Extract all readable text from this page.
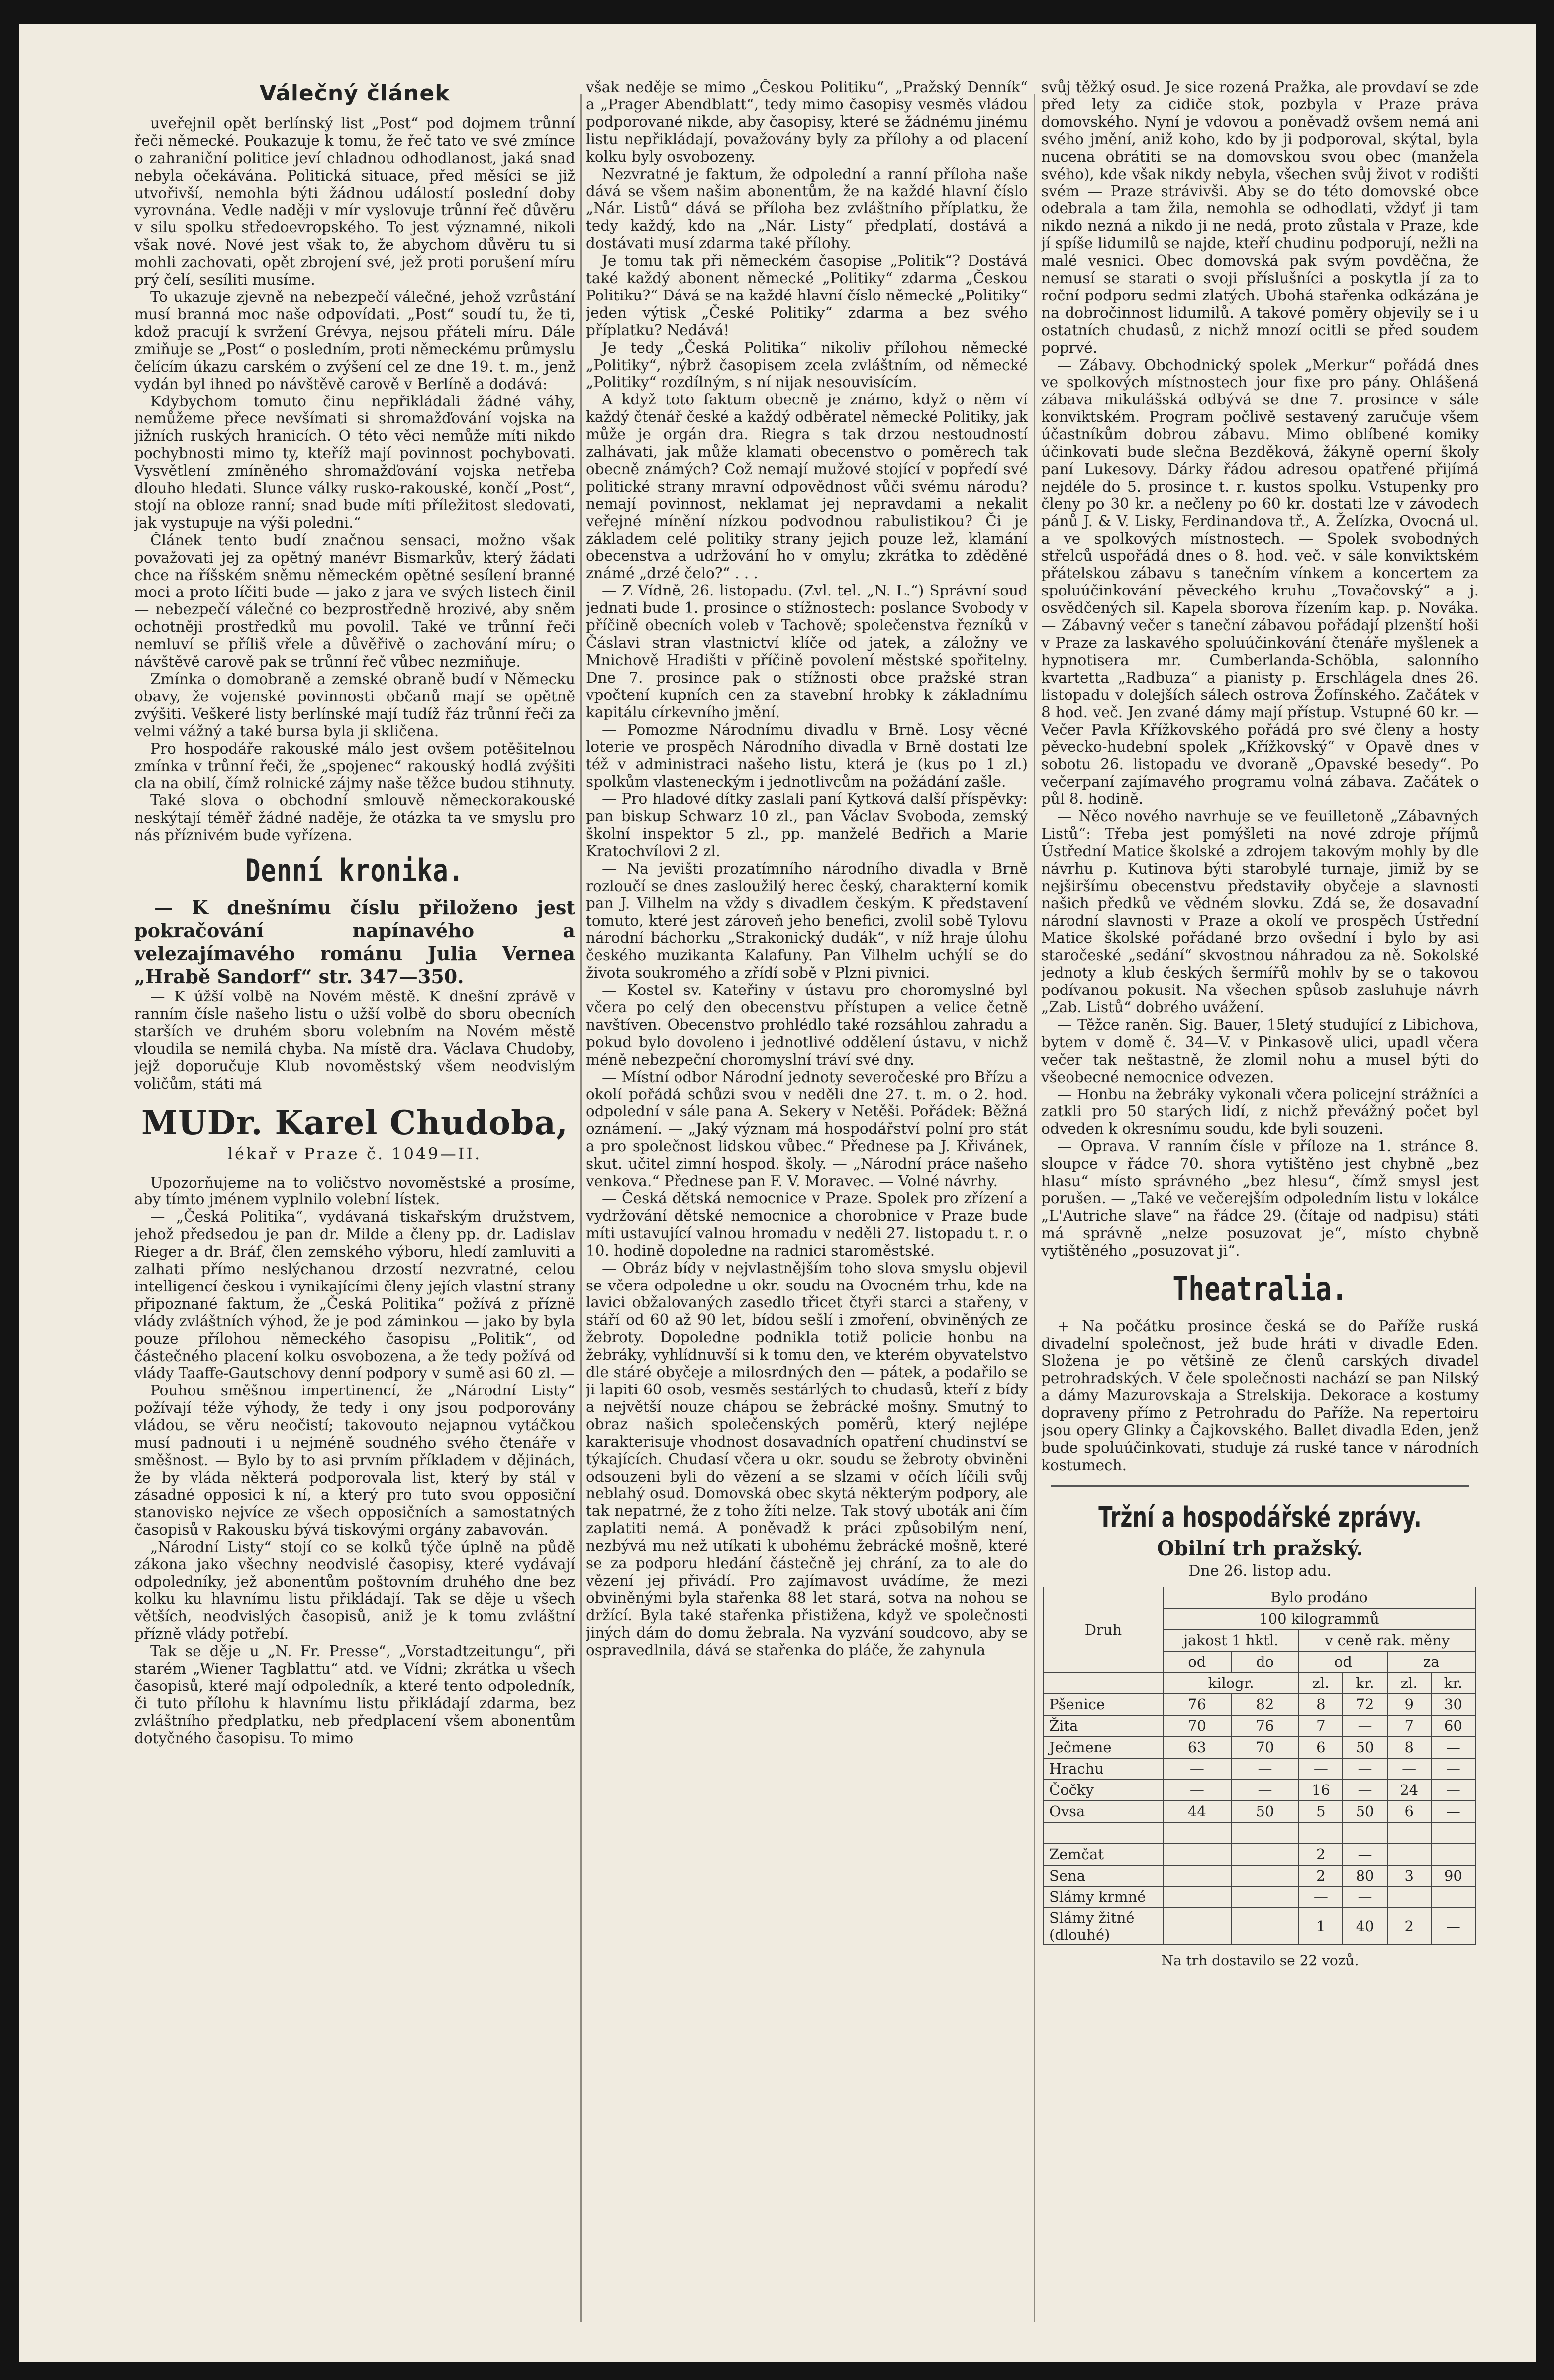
Válečný článek
uveřejnil opět berlínský list „Post“ pod dojmem trůnní řeči německé. Poukazuje k tomu, že řeč tato ve své zmínce o zahraniční politice jeví chladnou odhodlanost, jaká snad nebyla očekávána. Politická situace, před měsíci se již utvořivší, nemohla býti žádnou událostí poslední doby vyrovnána. Vedle naději v mír vyslovuje trůnní řeč důvěru v silu spolku středoevropského. To jest významné, nikoli však nové. Nové jest však to, že abychom důvěru tu si mohli zachovati, opět zbrojení své, jež proti porušení míru prý čelí, sesíliti musíme.
To ukazuje zjevně na nebezpečí válečné, jehož vzrůstání musí branná moc naše odpovídati. „Post“ soudí tu, že ti, kdož pracují k svržení Grévya, nejsou přáteli míru. Dále zmiňuje se „Post“ o posledním, proti německému průmyslu čelícím úkazu carském o zvýšení cel ze dne 19. t. m., jenž vydán byl ihned po návštěvě carově v Berlíně a dodává:
Kdybychom tomuto činu nepřikládali žádné váhy, nemůžeme přece nevšímati si shromažďování vojska na jižních ruských hranicích. O této věci nemůže míti nikdo pochybnosti mimo ty, kteříž mají povinnost pochybovati. Vysvětlení zmíněného shromažďování vojska netřeba dlouho hledati. Slunce války rusko-rakouské, končí „Post“, stojí na obloze ranní; snad bude míti příležitost sledovati, jak vystupuje na výši poledni.“
Článek tento budí značnou sensaci, možno však považovati jej za opětný manévr Bismarkův, který žádati chce na říšském sněmu německém opětné sesílení branné moci a proto líčiti bude — jako z jara ve svých listech činil — nebezpečí válečné co bezprostředně hrozivé, aby sněm ochotněji prostředků mu povolil. Také ve trůnní řeči nemluví se příliš vřele a důvěřivě o zachování míru; o návštěvě carově pak se trůnní řeč vůbec nezmiňuje.
Zmínka o domobraně a zemské obraně budí v Německu obavy, že vojenské povinnosti občanů mají se opětně zvýšiti. Veškeré listy berlínské mají tudíž řáz trůnní řeči za velmi vážný a také bursa byla ji skličena.
Pro hospodáře rakouské málo jest ovšem potěšitelnou zmínka v trůnní řeči, že „spojenec“ rakouský hodlá zvýšiti cla na obilí, čímž rolnické zájmy naše těžce budou stihnuty.
Také slova o obchodní smlouvě německorakouské neskýtají téměř žádné naděje, že otázka ta ve smyslu pro nás příznivém bude vyřízena.
Denní kronika.
— K dnešnímu číslu přiloženo jest pokračování napínavého a velezajímavého románu Julia Vernea „Hrabě Sandorf“ str. 347—350.
— K úžší volbě na Novém městě. K dnešní zprávě v ranním čísle našeho listu o užší volbě do sboru obecních starších ve druhém sboru volebním na Novém městě vloudila se nemilá chyba. Na místě dra. Václava Chudoby, jejž doporučuje Klub novoměstský všem neodvislým voličům, státi má
MUDr. Karel Chudoba,
lékař v Praze č. 1049—II.
Upozorňujeme na to voličstvo novoměstské a prosíme, aby tímto jménem vyplnilo volební lístek.
— „Česká Politika“, vydávaná tiskařským družstvem, jehož předsedou je pan dr. Milde a členy pp. dr. Ladislav Rieger a dr. Bráf, člen zemského výboru, hledí zamluviti a zalhati přímo neslýchanou drzostí nezvratné, celou intelligencí českou i vynikajícími členy jejích vlastní strany připoznané faktum, že „Česká Politika“ požívá z příznë vlády zvláštních výhod, že je pod záminkou — jako by byla pouze přílohou německého časopisu „Politik“, od částečného placení kolku osvobozena, a že tedy požívá od vlády Taaffe-Gautschovy denní podpory v sumě asi 60 zl. —
Pouhou směšnou impertinencí, že „Národní Listy“ požívají téže výhody, že tedy i ony jsou podporovány vládou, se věru neočistí; takovouto nejapnou vytáčkou musí padnouti i u nejméně soudného svého čtenáře v směšnost. — Bylo by to asi prvním příkladem v dějinách, že by vláda některá podporovala list, který by stál v zásadné opposici k ní, a který pro tuto svou opposiční stanovisko nejvíce ze všech opposičních a samostatných časopisů v Rakousku bývá tiskovými orgány zabavován.
„Národní Listy“ stojí co se kolků týče úplně na půdě zákona jako všechny neodvislé časopisy, které vydávají odpoledníky, jež abonentům poštovním druhého dne bez kolku ku hlavnímu listu přikládají. Tak se děje u všech větších, neodvislých časopisů, aniž je k tomu zvláštní přízně vlády potřebí.
Tak se děje u „N. Fr. Presse“, „Vorstadtzeitungu“, při starém „Wiener Tagblattu“ atd. ve Vídni; zkrátka u všech časopisů, které mají odpoledník, a které tento odpoledník, či tuto přílohu k hlavnímu listu přikládají zdarma, bez zvláštního předplatku, neb předplacení všem abonentům dotyčného časopisu. To mimo
však neděje se mimo „Českou Politiku“, „Pražský Denník“ a „Prager Abendblatt“, tedy mimo časopisy vesměs vládou podporované nikde, aby časopisy, které se žádnému jinému listu nepřikládají, považovány byly za přílohy a od placení kolku byly osvobozeny.
Nezvratné je faktum, že odpolední a ranní příloha naše dává se všem našim abonentům, že na každé hlavní číslo „Nár. Listů“ dává se příloha bez zvláštního příplatku, že tedy každý, kdo na „Nár. Listy“ předplatí, dostává a dostávati musí zdarma také přílohy.
Je tomu tak při německém časopise „Politik“? Dostává také každý abonent německé „Politiky“ zdarma „Českou Politiku?“ Dává se na každé hlavní číslo německé „Politiky“ jeden výtisk „České Politiky“ zdarma a bez svého příplatku? Nedává!
Je tedy „Česká Politika“ nikoliv přílohou německé „Politiky“, nýbrž časopisem zcela zvláštním, od německé „Politiky“ rozdílným, s ní nijak nesouvisícím.
A když toto faktum obecně je známo, když o něm ví každý čtenář české a každý odběratel německé Politiky, jak může je orgán dra. Riegra s tak drzou nestoudností zalhávati, jak může klamati obecenstvo o poměrech tak obecně známých? Což nemají mužové stojící v popředí své politické strany mravní odpovědnost vůči svému národu? nemají povinnost, neklamat jej nepravdami a nekalit veřejné mínění nízkou podvodnou rabulistikou? Či je základem celé politiky strany jejich pouze lež, klamání obecenstva a udržování ho v omylu; zkrátka to zděděné známé „drzé čelo?“ . . .
— Z Vídně, 26. listopadu. (Zvl. tel. „N. L.“) Správní soud jednati bude 1. prosince o stížnostech: poslance Svobody v příčině obecních voleb v Tachově; společenstva řezníků v Čáslavi stran vlastnictví klíče od jatek, a záložny ve Mnichově Hradišti v příčině povolení městské spořitelny. Dne 7. prosince pak o stížnosti obce pražské stran vpočtení kupních cen za stavební hrobky k základnímu kapitálu církevního jmění.
— Pomozme Národnímu divadlu v Brně. Losy věcné loterie ve prospěch Národního divadla v Brně dostati lze též v administraci našeho listu, která je (kus po 1 zl.) spolkům vlasteneckým i jednotlivcům na požádání zašle.
— Pro hladové dítky zaslali paní Kytková další příspěvky: pan biskup Schwarz 10 zl., pan Václav Svoboda, zemský školní inspektor 5 zl., pp. manželé Bedřich a Marie Kratochvílovi 2 zl.
— Na jevišti prozatímního národního divadla v Brně rozloučí se dnes zasloužilý herec český, charakterní komik pan J. Vilhelm na vždy s divadlem českým. K představení tomuto, které jest zároveň jeho benefici, zvolil sobě Tylovu národní báchorku „Strakonický dudák“, v níž hraje úlohu českého muzikanta Kalafuny. Pan Vilhelm uchýlí se do života soukromého a zřídí sobě v Plzni pivnici.
— Kostel sv. Kateřiny v ústavu pro choromyslné byl včera po celý den obecenstvu přístupen a velice četně navštíven. Obecenstvo prohlédlo také rozsáhlou zahradu a pokud bylo dovoleno i jednotlivé oddělení ústavu, v nichž méně nebezpeční choromyslní tráví své dny.
— Místní odbor Národní jednoty severočeské pro Břízu a okolí pořádá schůzi svou v neděli dne 27. t. m. o 2. hod. odpolední v sále pana A. Sekery v Netěši. Pořádek: Běžná oznámení. — „Jaký význam má hospodářství polní pro stát a pro společnost lidskou vůbec.“ Přednese pa J. Křivánek, skut. učitel zimní hospod. školy. — „Národní práce našeho venkova.“ Přednese pan F. V. Moravec. — Volné návrhy.
— Česká dětská nemocnice v Praze. Spolek pro zřízení a vydržování dětské nemocnice a chorobnice v Praze bude míti ustavující valnou hromadu v neděli 27. listopadu t. r. o 10. hodině dopoledne na radnici staroměstské.
— Obráz bídy v nejvlastnějším toho slova smyslu objevil se včera odpoledne u okr. soudu na Ovocném trhu, kde na lavici obžalovaných zasedlo třicet čtyři starci a stařeny, v stáří od 60 až 90 let, bídou sešlí i zmoření, obviněných ze žebroty. Dopoledne podnikla totiž policie honbu na žebráky, vyhlídnuvší si k tomu den, ve kterém obyvatelstvo dle stáré obyčeje a milosrdných den — pátek, a podařilo se ji lapiti 60 osob, vesměs sestárlých to chudasů, kteří z bídy a největší nouze chápou se žebrácké mošny. Smutný to obraz našich společenských poměrů, který nejlépe karakterisuje vhodnost dosavadních opatření chudinství se týkajících. Chudasí včera u okr. soudu se žebroty obviněni odsouzeni byli do vězení a se slzami v očích líčili svůj neblahý osud. Domovská obec skytá některým podpory, ale tak nepatrné, že z toho žíti nelze. Tak stový uboták ani čím zaplatiti nemá. A poněvadž k práci způsobilým není, nezbývá mu než utíkati k ubohému žebrácké mošně, které se za podporu hledání částečně jej chrání, za to ale do vězení jej přivádí. Pro zajímavost uvádíme, že mezi obviněnými byla stařenka 88 let stará, sotva na nohou se držící. Byla také stařenka přistižena, když ve společnosti jiných dám do domu žebrala. Na vyzvání soudcovo, aby se ospravedlnila, dává se stařenka do pláče, že zahynula
svůj těžký osud. Je sice rozená Pražka, ale provdaví se zde před lety za cidiče stok, pozbyla v Praze práva domovského. Nyní je vdovou a poněvadž ovšem nemá ani svého jmění, aniž koho, kdo by ji podporoval, skýtal, byla nucena obrátiti se na domovskou svou obec (manžela svého), kde však nikdy nebyla, všechen svůj život v rodišti svém — Praze strávivši. Aby se do této domovské obce odebrala a tam žila, nemohla se odhodlati, vždyť ji tam nikdo nezná a nikdo ji ne nedá, proto zůstala v Praze, kde jí spíše lidumilů se najde, kteří chudinu podporují, nežli na malé vesnici. Obec domovská pak svým povděčna, že nemusí se starati o svoji příslušníci a poskytla jí za to roční podporu sedmi zlatých. Ubohá stařenka odkázána je na dobročinnost lidumilů. A takové poměry objevily se i u ostatních chudasů, z nichž mnozí ocitli se před soudem poprvé.
— Zábavy. Obchodnický spolek „Merkur“ pořádá dnes ve spolkových místnostech jour fixe pro pány. Ohlášená zábava mikulášská odbývá se dne 7. prosince v sále konviktském. Program počlivě sestavený zaručuje všem účastníkům dobrou zábavu. Mimo oblíbené komiky účinkovati bude slečna Bezděková, žákyně operní školy paní Lukesovy. Dárky řádou adresou opatřené přijímá nejdéle do 5. prosince t. r. kustos spolku. Vstupenky pro členy po 30 kr. a nečleny po 60 kr. dostati lze v závodech pánů J. & V. Lisky, Ferdinandova tř., A. Želízka, Ovocná ul. a ve spolkových místnostech. — Spolek svobodných střelců uspořádá dnes o 8. hod. več. v sále konviktském přátelskou zábavu s tanečním vínkem a koncertem za spoluúčinkování pěveckého kruhu „Tovačovský“ a j. osvědčených sil. Kapela sborova řízením kap. p. Nováka. — Zábavný večer s taneční zábavou pořádají plzenští hoši v Praze za laskavého spoluúčinkování čtenáře myšlenek a hypnotisera mr. Cumberlanda-Schöbla, salonního kvartetta „Radbuza“ a pianisty p. Erschlágela dnes 26. listopadu v dolejších sálech ostrova Žofínského. Začátek v 8 hod. več. Jen zvané dámy mají přístup. Vstupné 60 kr. — Večer Pavla Křížkovského pořádá pro své členy a hosty pěvecko-hudební spolek „Křížkovský“ v Opavě dnes v sobotu 26. listopadu ve dvoraně „Opavské besedy“. Po večerpaní zajímavého programu volná zábava. Začátek o půl 8. hodině.
— Něco nového navrhuje se ve feuilletoně „Zábavných Listů“: Třeba jest pomýšleti na nové zdroje příjmů Ústřední Matice školské a zdrojem takovým mohly by dle návrhu p. Kutinova býti starobylé turnaje, jimiž by se nejširšímu obecenstvu představiły obyčeje a slavnosti našich předků ve vědném slovku. Zdá se, že dosavadní národní slavnosti v Praze a okolí ve prospěch Ústřední Matice školské pořádané brzo ovšední i bylo by asi staročeské „sedání“ skvostnou náhradou za ně. Sokolské jednoty a klub českých šermířů mohlv by se o takovou podívanou pokusit. Na všechen spůsob zasluhuje návrh „Zab. Listů“ dobrého uvážení.
— Těžce raněn. Sig. Bauer, 15letý studující z Libichova, bytem v domě č. 34—V. v Pinkasově ulici, upadl včera večer tak neštastně, že zlomil nohu a musel býti do všeobecné nemocnice odvezen.
— Honbu na žebráky vykonali včera policejní strážníci a zatkli pro 50 starých lidí, z nichž převážný počet byl odveden k okresnímu soudu, kde byli souzeni.
— Oprava. V ranním čísle v příloze na 1. stránce 8. sloupce v řádce 70. shora vytištěno jest chybně „bez hlasu“ místo správného „bez hlesu“, čímž smysl jest porušen. — „Také ve večerejším odpoledním listu v lokálce „L'Autriche slave“ na řádce 29. (čítaje od nadpisu) státi má správně „nelze posuzovat je“, místo chybně vytištěného „posuzovat ji“.
Theatralia.
+ Na počátku prosince česká se do Paříže ruská divadelní společnost, jež bude hráti v divadle Eden. Složena je po většině ze členů carských divadel petrohradských. V čele společnosti nachází se pan Nilský a dámy Mazurovskaja a Strelskija. Dekorace a kostumy dopraveny přímo z Petrohradu do Paříže. Na repertoiru jsou opery Glinky a Čajkovského. Ballet divadla Eden, jenž bude spoluúčinkovati, studuje zá ruské tance v národních kostumech.
Tržní a hospodářské zprávy.
Obilní trh pražský.
Dne 26. listop adu.
Druh	Bylo prodáno					
	100 kilogrammů					
	jakost 1 hktl.		v ceně rak. měny			
	od	do	od		za	
	kilogr.		zl.	kr.	zl.	kr.
Pšenice	76	82	8	72	9	30
Žita	70	76	7	—	7	60
Ječmene	63	70	6	50	8	—
Hrachu	—	—	—	—	—	—
Čočky	—	—	16	—	24	—
Ovsa	44	50	5	50	6	—

Zemčat			2	—		
Sena			2	80	3	90
Slámy krmné			—	—		
Slámy žitné (dlouhé)			1	40	2	—
Na trh dostavilo se 22 vozů.
